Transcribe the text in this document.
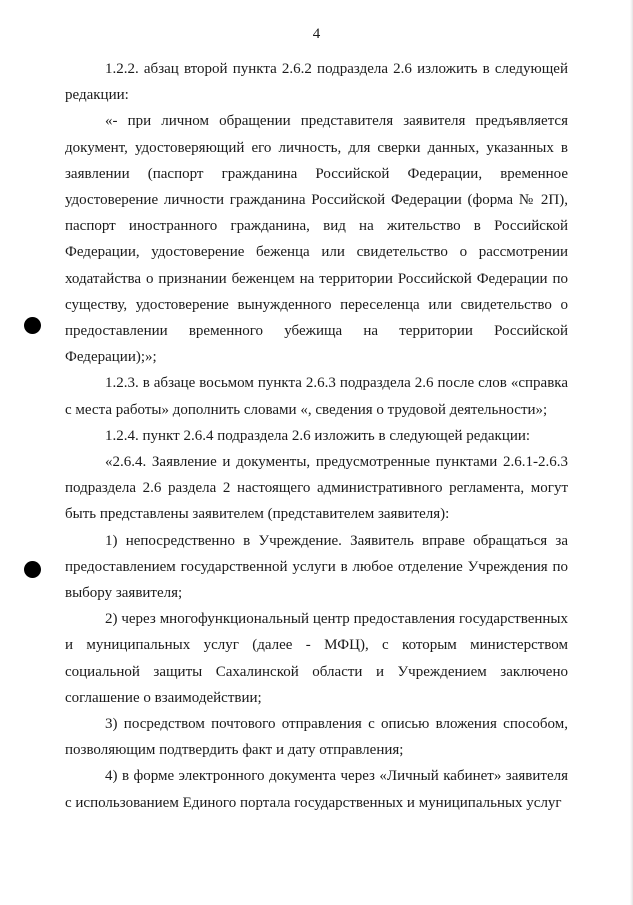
4

1.2.2. абзац второй пункта 2.6.2 подраздела 2.6 изложить в следующей редакции:

«- при личном обращении представителя заявителя предъявляется документ, удостоверяющий его личность, для сверки данных, указанных в заявлении (паспорт гражданина Российской Федерации, временное удостоверение личности гражданина Российской Федерации (форма № 2П), паспорт иностранного гражданина, вид на жительство в Российской Федерации, удостоверение беженца или свидетельство о рассмотрении ходатайства о признании беженцем на территории Российской Федерации по существу, удостоверение вынужденного переселенца или свидетельство о предоставлении временного убежища на территории Российской Федерации);»;

1.2.3. в абзаце восьмом пункта 2.6.3 подраздела 2.6 после слов «справка с места работы» дополнить словами «, сведения о трудовой деятельности»;

1.2.4. пункт 2.6.4 подраздела 2.6 изложить в следующей редакции:

«2.6.4. Заявление и документы, предусмотренные пунктами 2.6.1-2.6.3 подраздела 2.6 раздела 2 настоящего административного регламента, могут быть представлены заявителем (представителем заявителя):

1) непосредственно в Учреждение. Заявитель вправе обращаться за предоставлением государственной услуги в любое отделение Учреждения по выбору заявителя;

2) через многофункциональный центр предоставления государственных и муниципальных услуг (далее - МФЦ), с которым министерством социальной защиты Сахалинской области и Учреждением заключено соглашение о взаимодействии;

3) посредством почтового отправления с описью вложения способом, позволяющим подтвердить факт и дату отправления;

4) в форме электронного документа через «Личный кабинет» заявителя с использованием Единого портала государственных и муниципальных услуг
